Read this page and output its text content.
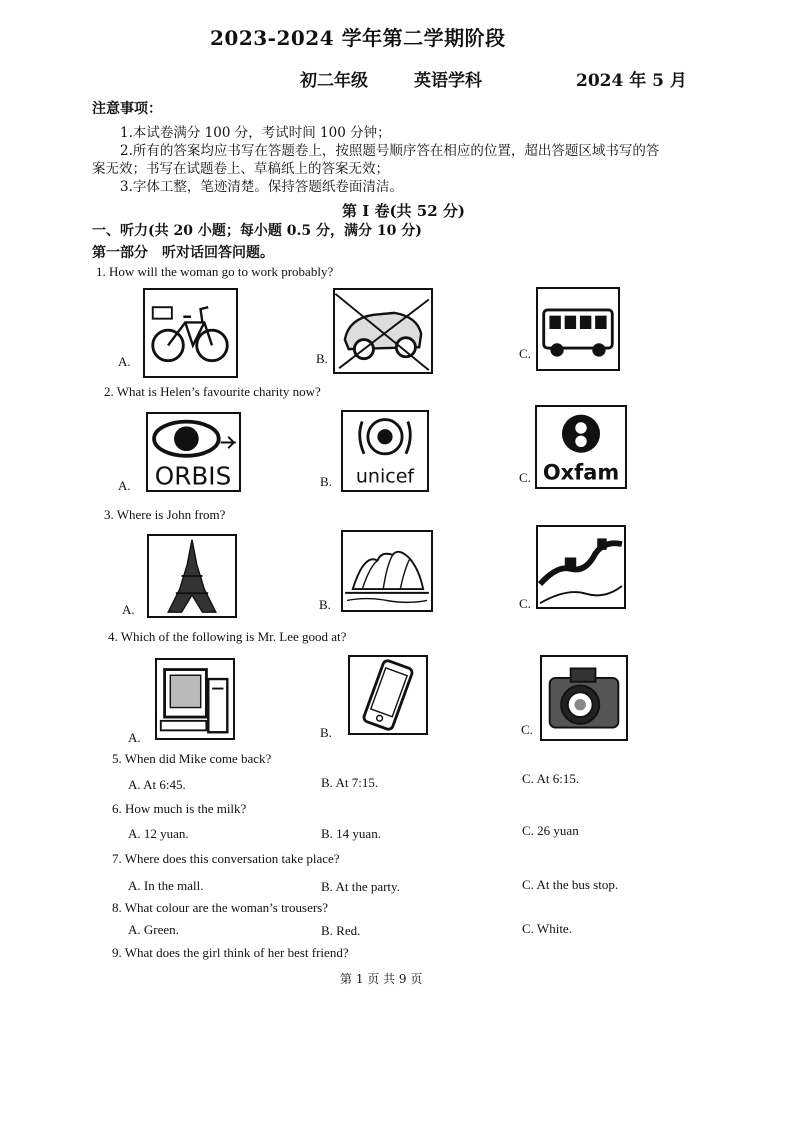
2023-2024 学年第二学期阶段
初二年级	英语学科	2024 年 5 月
注意事项：
1.本试卷满分 100 分，考试时间 100 分钟；
2.所有的答案均应书写在答题卷上，按照题号顺序答在相应的位置，超出答题区域书写的答
案无效；书写在试题卷上、草稿纸上的答案无效；
3.字体工整，笔迹清楚。保持答题纸卷面清洁。
第 I 卷(共 52 分)
一、听力(共 20 小题；每小题 0.5 分，满分 10 分)
第一部分　听对话回答问题。
1. How will the woman go to work probably?
A.	B.	C.
2. What is Helen’s favourite charity now?
A. ORBIS	B. unicef	C. Oxfam
3. Where is John from?
A.	B.	C.
4. Which of the following is Mr. Lee good at?
A.	B.	C.
5. When did Mike come back?
A. At 6:45.	B. At 7:15.	C. At 6:15.
6. How much is the milk?
A. 12 yuan.	B. 14 yuan.	C. 26 yuan
7. Where does this conversation take place?
A. In the mall.	B. At the party.	C. At the bus stop.
8. What colour are the woman’s trousers?
A. Green.	B. Red.	C. White.
9. What does the girl think of her best friend?
第 1 页 共 9 页
